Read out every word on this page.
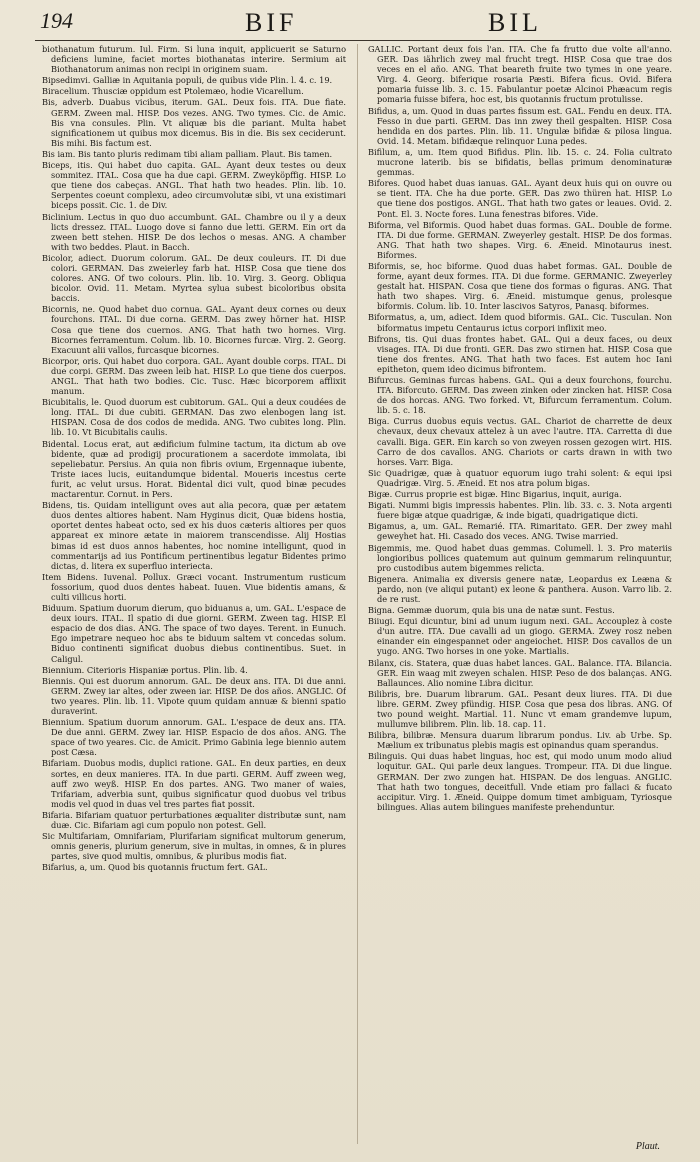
194	BIF	BIL

biothanatum futurum. Iul. Firm. Si luna inquit, applicuerit se Saturno deficiens lumine, faciet mortes biothanatas interire. Sermium ait Biothanatorum animas non recipi in originem suam.

Bipsedimvi. Galliæ in Aquitania populi, de quibus vide Plin. l. 4. c. 19.

Biracelium. Thusciæ oppidum est Ptolemæo, hodie Vicarellum.

Bis, adverb. Duabus vicibus, iterum. GAL. Deux fois. ITA. Due fiate. GERM. Zween mal. HISP. Dos vezes. ANG. Two tymes. Cic. de Amic. Bis vna consules. Plin. Vt aliquæ bis die pariant. Multa habet significationem ut quibus mox dicemus. Bis in die. Bis sex ceciderunt. Bis mihi. Bis factum est.

Bis iam. Bis tanto pluris redimam tibi aliam palliam. Plaut. Bis tamen.

Biceps, itis. Qui habet duo capita. GAL. Ayant deux testes ou deux sommitez. ITAL. Cosa que ha due capi. GERM. Zweyköpffig. HISP. Lo que tiene dos cabeças. ANGL. That hath two heades. Plin. lib. 10. Serpentes coeunt complexu, adeo circumvolutæ sibi, vt una existimari biceps possit. Cic. 1. de Div.

Biclinium. Lectus in quo duo accumbunt. GAL. Chambre ou il y a deux licts dressez. ITAL. Luogo dove si fanno due letti. GERM. Ein ort da zween bett stehen. HISP. De dos lechos o mesas. ANG. A chamber with two beddes. Plaut. in Bacch.

Bicolor, adiect. Duorum colorum. GAL. De deux couleurs. IT. Di due colori. GERMAN. Das zweierley farb hat. HISP. Cosa que tiene dos colores. ANG. Of two colours. Plin. lib. 10. Virg. 3. Georg. Obliqua bicolor. Ovid. 11. Metam. Myrtea sylua subest bicoloribus obsita baccis.

Bicornis, ne. Quod habet duo cornua. GAL. Ayant deux cornes ou deux fourchons. ITAL. Di due corna. GERM. Das zwey hörner hat. HISP. Cosa que tiene dos cuernos. ANG. That hath two hornes. Virg. Bicornes ferramentum. Colum. lib. 10. Bicornes furcæ. Virg. 2. Georg. Exacuunt alii vallos, furcasque bicornes.

Bicorpor, oris. Qui habet duo corpora. GAL. Ayant double corps. ITAL. Di due corpi. GERM. Das zween leib hat. HISP. Lo que tiene dos cuerpos. ANGL. That hath two bodies. Cic. Tusc. Hæc bicorporem afflixit manum.

Bicubitalis, le. Quod duorum est cubitorum. GAL. Qui a deux coudées de long. ITAL. Di due cubiti. GERMAN. Das zwo elenbogen lang ist. HISPAN. Cosa de dos codos de medida. ANG. Two cubites long. Plin. lib. 10. Vt Bicubitalis caulis.

Bidental. Locus erat, aut ædificium fulmine tactum, ita dictum ab ove bidente, quæ ad prodigij procurationem a sacerdote immolata, ibi sepeliebatur. Persius. An quia non fibris ovium, Ergennaque iubente, Triste iaces lucis, euitandumque bidental. Moueris incestus certe furit, ac velut ursus. Horat. Bidental dici vult, quod binæ pecudes mactarentur. Cornut. in Pers.

Bidens, tis. Quidam intelligunt oves aut alia pecora, quæ per ætatem duos dentes altiores habent. Nam Hyginus dicit, Quæ bidens hostia, oportet dentes habeat octo, sed ex his duos cæteris altiores per quos appareat ex minore ætate in maiorem transcendisse. Alij Hostias bimas id est duos annos habentes, hoc nomine intelligunt, quod in commentarijs ad ius Pontificum pertinentibus legatur Bidentes primo dictas, d. litera ex superfluo interiecta.

Item Bidens. Iuvenal. Pollux. Græci vocant. Instrumentum rusticum fossorium, quod duos dentes habeat. Iuuen. Viue bidentis amans, & culti villicus horti.

Biduum. Spatium duorum dierum, quo biduanus a, um. GAL. L'espace de deux iours. ITAL. Il spatio di due giorni. GERM. Zween tag. HISP. El espacio de dos dias. ANG. The space of two dayes. Terent. in Eunuch. Ego impetrare nequeo hoc abs te biduum saltem vt concedas solum. Biduo continenti significat duobus diebus continentibus. Suet. in Caligul.

Biennium. Citerioris Hispaniæ portus. Plin. lib. 4.

Biennis. Qui est duorum annorum. GAL. De deux ans. ITA. Di due anni. GERM. Zwey iar altes, oder zween iar. HISP. De dos años. ANGLIC. Of two yeares. Plin. lib. 11. Vipote quum quidam annuæ & bienni spatio duraverint.

Biennium. Spatium duorum annorum. GAL. L'espace de deux ans. ITA. De due anni. GERM. Zwey iar. HISP. Espacio de dos años. ANG. The space of two yeares. Cic. de Amicit. Primo Gabinia lege biennio autem post Cæsa.

Bifariam. Duobus modis, duplici ratione. GAL. En deux parties, en deux sortes, en deux manieres. ITA. In due parti. GERM. Auff zween weg, auff zwo weyß. HISP. En dos partes. ANG. Two maner of waies, Trifariam, adverbia sunt, quibus significatur quod duobus vel tribus modis vel quod in duas vel tres partes fiat possit.

Bifaria. Bifariam quatuor perturbationes æqualiter distributæ sunt, nam duæ. Cic. Bifariam agi cum populo non potest. Gell.

Sic Multifariam, Omnifariam, Plurifariam significat multorum generum, omnis generis, plurium generum, sive in multas, in omnes, & in plures partes, sive quod multis, omnibus, & pluribus modis fiat.

Bifarius, a, um. Quod bis quotannis fructum fert. GAL.

GALLIC. Portant deux fois l'an. ITA. Che fa frutto due volte all'anno. GER. Das iährlich zwey mal frucht tregt. HISP. Cosa que trae dos veces en el año. ANG. That beareth fruite two tymes in one yeare. Virg. 4. Georg. biferique rosaria Pæsti. Bifera ficus. Ovid. Bifera pomaria fuisse lib. 3. c. 15. Fabulantur poetæ Alcinoi Phæacum regis pomaria fuisse bifera, hoc est, bis quotannis fructum protulisse.

Bifidus, a, um. Quod in duas partes fissum est. GAL. Fendu en deux. ITA. Fesso in due parti. GERM. Das inn zwey theil gespalten. HISP. Cosa hendida en dos partes. Plin. lib. 11. Ungulæ bifidæ & pilosa lingua. Ovid. 14. Metam. bifidæque relinquor Luna pedes.

Bifilum, a, um. Item quod Bifidus. Plin. lib. 15. c. 24. Folia cultrato mucrone laterib. bis se bifidatis, bellas primum denominaturæ gemmas.

Bifores. Quod habet duas ianuas. GAL. Ayant deux huis qui on ouvre ou se tient. ITA. Che ha due porte. GER. Das zwo thüren hat. HISP. Lo que tiene dos postigos. ANGL. That hath two gates or leaues. Ovid. 2. Pont. El. 3. Nocte fores. Luna fenestras bifores. Vide.

Biforma, vel Biformis. Quod habet duas formas. GAL. Double de forme. ITA. Di due forme. GERMAN. Zweyerley gestalt. HISP. De dos formas. ANG. That hath two shapes. Virg. 6. Æneid. Minotaurus inest. Biformes.

Biformis, se, hoc biforme. Quod duas habet formas. GAL. Double de forme, ayant deux formes. ITA. Di due forme. GERMANIC. Zweyerley gestalt hat. HISPAN. Cosa que tiene dos formas o figuras. ANG. That hath two shapes. Virg. 6. Æneid. mistumque genus, prolesque biformis. Colum. lib. 10. Inter lascivos Satyros, Panasq. biformes.

Biformatus, a, um, adiect. Idem quod biformis. GAL. Cic. Tusculan. Non biformatus impetu Centaurus ictus corpori inflixit meo.

Bifrons, tis. Qui duas frontes habet. GAL. Qui a deux faces, ou deux visages. ITA. Di due fronti. GER. Das zwo stirnen hat. HISP. Cosa que tiene dos frentes. ANG. That hath two faces. Est autem hoc Iani epitheton, quem ideo dicimus bifrontem.

Bifurcus. Geminas furcas habens. GAL. Qui a deux fourchons, fourchu. ITA. Biforcuto. GERM. Das zween zinken oder zincken hat. HISP. Cosa de dos horcas. ANG. Two forked. Vt, Bifurcum ferramentum. Colum. lib. 5. c. 18.

Biga. Currus duobus equis vectus. GAL. Chariot de charrette de deux chevaux, deux chevaux attelez à un avec l'autre. ITA. Carretta di due cavalli. Biga. GER. Ein karch so von zweyen rossen gezogen wirt. HIS. Carro de dos cavallos. ANG. Chariots or carts drawn in with two horses. Varr. Biga.

Sic Quadrigæ, quæ à quatuor equorum iugo trahi solent: & equi ipsi Quadrigæ. Virg. 5. Æneid. Et nos atra polum bigas.

Bigæ. Currus proprie est bigæ. Hinc Bigarius, inquit, auriga.

Bigati. Nummi bigis impressis habentes. Plin. lib. 33. c. 3. Nota argenti fuere bigæ atque quadrigæ, & inde bigati, quadrigatique dicti.

Bigamus, a, um. GAL. Remarié. ITA. Rimaritato. GER. Der zwey mahl geweyhet hat. Hi. Casado dos veces. ANG. Twise married.

Bigemmis, me. Quod habet duas gemmas. Columell. l. 3. Pro materiis longioribus pollices quatemum aut quinum gemmarum relinquuntur, pro custodibus autem bigemmes relicta.

Bigenera. Animalia ex diversis genere natæ, Leopardus ex Leæna & pardo, non (ve aliqui putant) ex leone & panthera. Auson. Varro lib. 2. de re rust.

Bigna. Gemmæ duorum, quia bis una de natæ sunt. Festus.

Biiugi. Equi dicuntur, bini ad unum iugum nexi. GAL. Accouplez à coste d'un autre. ITA. Due cavalli ad un giogo. GERMA. Zwey rosz neben einander ein eingespannet oder angeiochet. HISP. Dos cavallos de un yugo. ANG. Two horses in one yoke. Martialis.

Bilanx, cis. Statera, quæ duas habet lances. GAL. Balance. ITA. Bilancia. GER. Ein waag mit zweyen schalen. HISP. Peso de dos balanças. ANG. Ballaunces. Alio nomine Libra dicitur.

Bilibris, bre. Duarum librarum. GAL. Pesant deux liures. ITA. Di due libre. GERM. Zwey pfündig. HISP. Cosa que pesa dos libras. ANG. Of two pound weight. Martial. 11. Nunc vt emam grandemve lupum, mullumve bilibrem. Plin. lib. 18. cap. 11.

Bilibra, bilibræ. Mensura duarum librarum pondus. Liv. ab Urbe. Sp. Mælium ex tribunatus plebis magis est opinandus quam sperandus.

Bilinguis. Qui duas habet linguas, hoc est, qui modo unum modo aliud loquitur. GAL. Qui parle deux langues. Trompeur. ITA. Di due lingue. GERMAN. Der zwo zungen hat. HISPAN. De dos lenguas. ANGLIC. That hath two tongues, deceitfull. Vnde etiam pro fallaci & fucato accipitur. Virg. 1. Æneid. Quippe domum timet ambiguam, Tyriosque bilingues. Alias autem bilingues manifeste prehenduntur.

Plaut.
